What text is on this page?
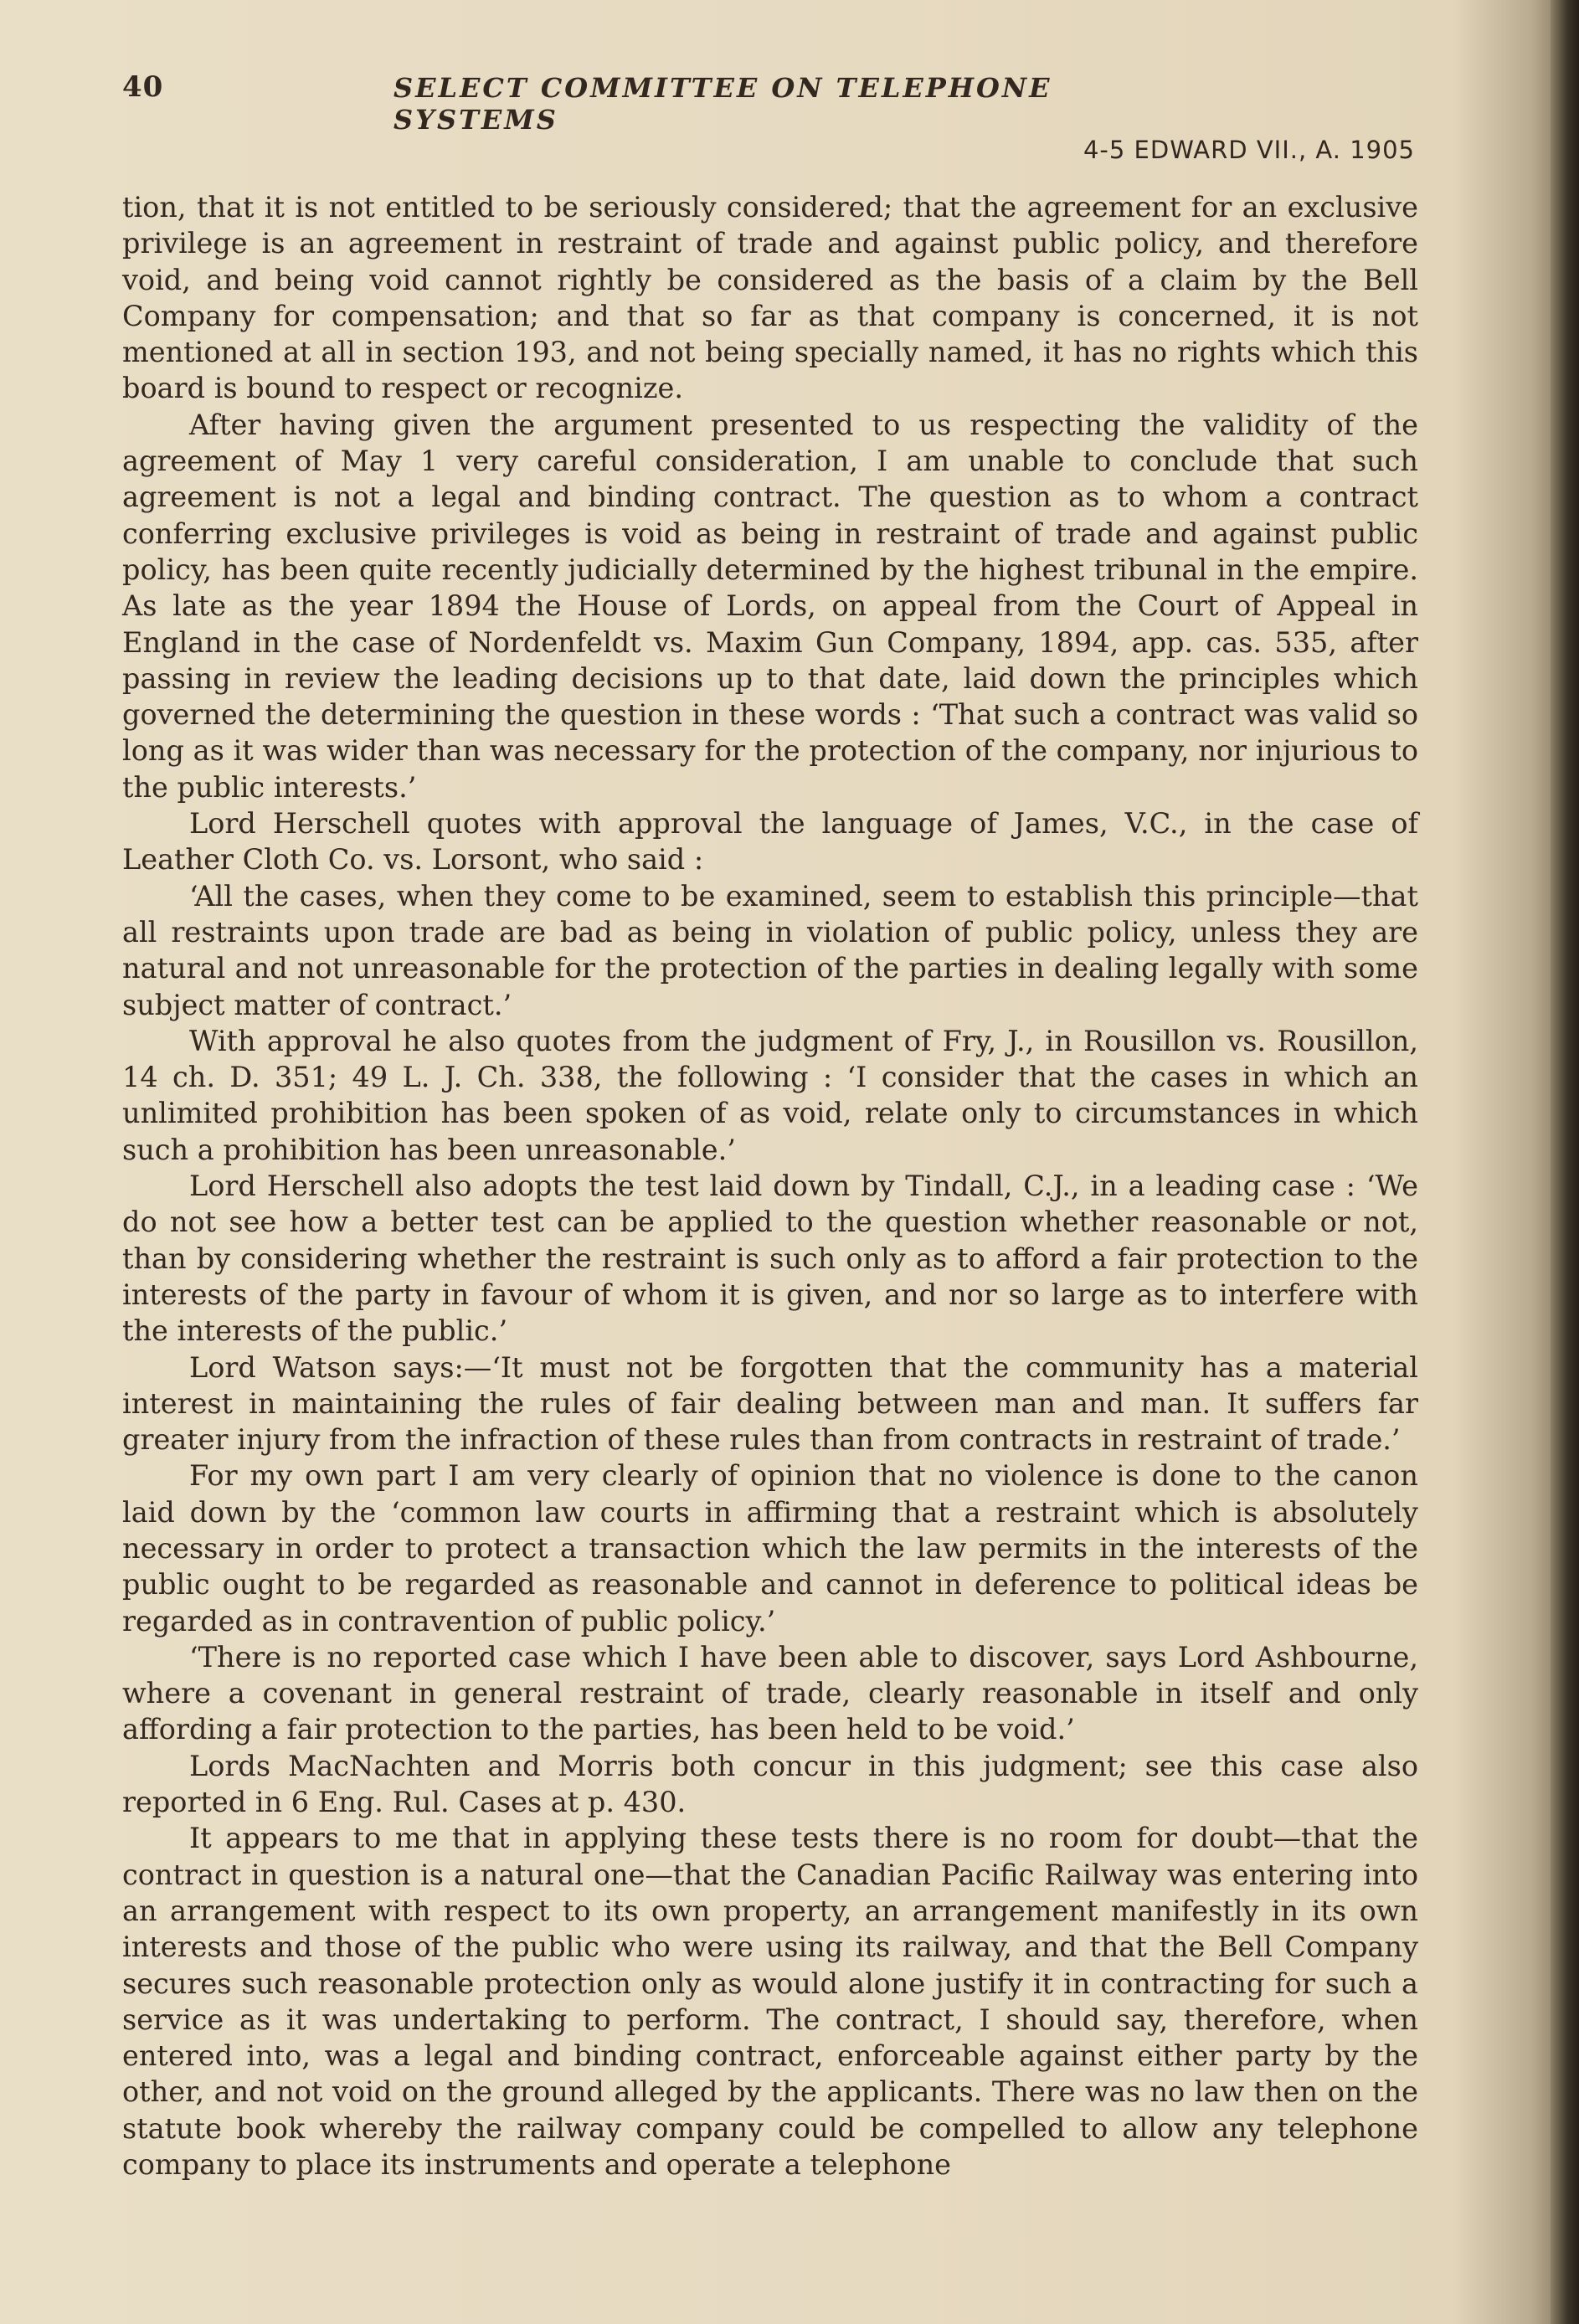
40	SELECT COMMITTEE ON TELEPHONE SYSTEMS
4-5 EDWARD VII., A. 1905

tion, that it is not entitled to be seriously considered; that the agreement for an exclusive privilege is an agreement in restraint of trade and against public policy, and therefore void, and being void cannot rightly be considered as the basis of a claim by the Bell Company for compensation; and that so far as that company is concerned, it is not mentioned at all in section 193, and not being specially named, it has no rights which this board is bound to respect or recognize.

After having given the argument presented to us respecting the validity of the agreement of May 1 very careful consideration, I am unable to conclude that such agreement is not a legal and binding contract. The question as to whom a contract conferring exclusive privileges is void as being in restraint of trade and against public policy, has been quite recently judicially determined by the highest tribunal in the empire. As late as the year 1894 the House of Lords, on appeal from the Court of Appeal in England in the case of Nordenfeldt vs. Maxim Gun Company, 1894, app. cas. 535, after passing in review the leading decisions up to that date, laid down the principles which governed the determining the question in these words : ‘That such a contract was valid so long as it was wider than was necessary for the protection of the company, nor injurious to the public interests.’

Lord Herschell quotes with approval the language of James, V.C., in the case of Leather Cloth Co. vs. Lorsont, who said :

‘All the cases, when they come to be examined, seem to establish this principle—that all restraints upon trade are bad as being in violation of public policy, unless they are natural and not unreasonable for the protection of the parties in dealing legally with some subject matter of contract.’

With approval he also quotes from the judgment of Fry, J., in Rousillon vs. Rousillon, 14 ch. D. 351; 49 L. J. Ch. 338, the following : ‘I consider that the cases in which an unlimited prohibition has been spoken of as void, relate only to circumstances in which such a prohibition has been unreasonable.’

Lord Herschell also adopts the test laid down by Tindall, C.J., in a leading case : ‘We do not see how a better test can be applied to the question whether reasonable or not, than by considering whether the restraint is such only as to afford a fair protection to the interests of the party in favour of whom it is given, and nor so large as to interfere with the interests of the public.’

Lord Watson says:—‘It must not be forgotten that the community has a material interest in maintaining the rules of fair dealing between man and man. It suffers far greater injury from the infraction of these rules than from contracts in restraint of trade.’

For my own part I am very clearly of opinion that no violence is done to the canon laid down by the ‘common law courts in affirming that a restraint which is absolutely necessary in order to protect a transaction which the law permits in the interests of the public ought to be regarded as reasonable and cannot in deference to political ideas be regarded as in contravention of public policy.’

‘There is no reported case which I have been able to discover, says Lord Ashbourne, where a covenant in general restraint of trade, clearly reasonable in itself and only affording a fair protection to the parties, has been held to be void.’

Lords MacNachten and Morris both concur in this judgment; see this case also reported in 6 Eng. Rul. Cases at p. 430.

It appears to me that in applying these tests there is no room for doubt—that the contract in question is a natural one—that the Canadian Pacific Railway was entering into an arrangement with respect to its own property, an arrangement manifestly in its own interests and those of the public who were using its railway, and that the Bell Company secures such reasonable protection only as would alone justify it in contracting for such a service as it was undertaking to perform. The contract, I should say, therefore, when entered into, was a legal and binding contract, enforceable against either party by the other, and not void on the ground alleged by the applicants. There was no law then on the statute book whereby the railway company could be compelled to allow any telephone company to place its instruments and operate a telephone
